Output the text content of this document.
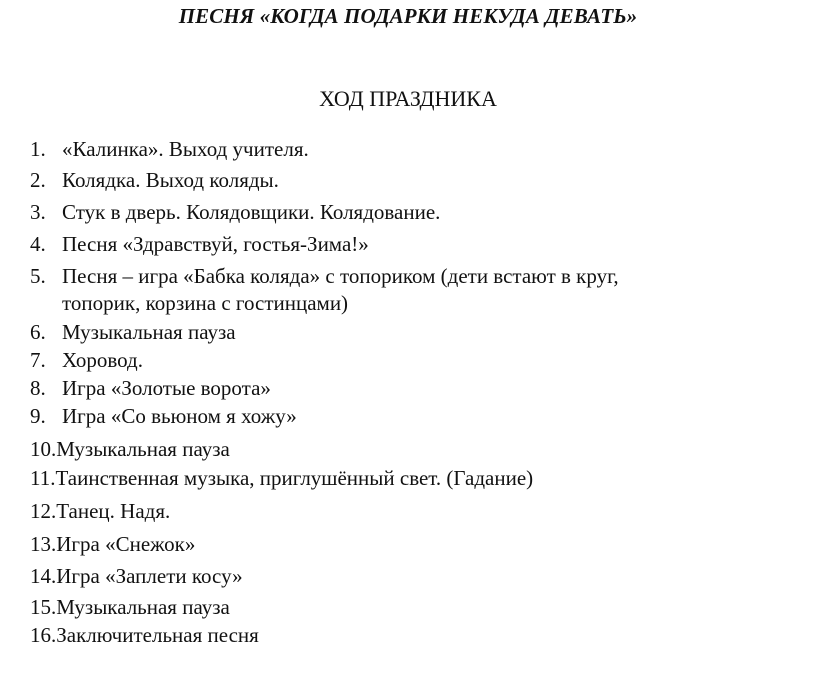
ПЕСНЯ «КОГДА ПОДАРКИ НЕКУДА ДЕВАТЬ»
ХОД ПРАЗДНИКА
1. «Калинка». Выход учителя.
2. Колядка. Выход коляды.
3. Стук в дверь. Колядовщики. Колядование.
4. Песня «Здравствуй, гостья-Зима!»
5. Песня – игра «Бабка коляда» с топориком (дети встают в круг,
топорик, корзина с гостинцами)
6. Музыкальная пауза
7. Хоровод.
8. Игра «Золотые ворота»
9. Игра «Со вьюном я хожу»
10.Музыкальная пауза
11.Таинственная музыка, приглушённый свет. (Гадание)
12.Танец. Надя.
13.Игра «Снежок»
14.Игра «Заплети косу»
15.Музыкальная пауза
16.Заключительная песня
